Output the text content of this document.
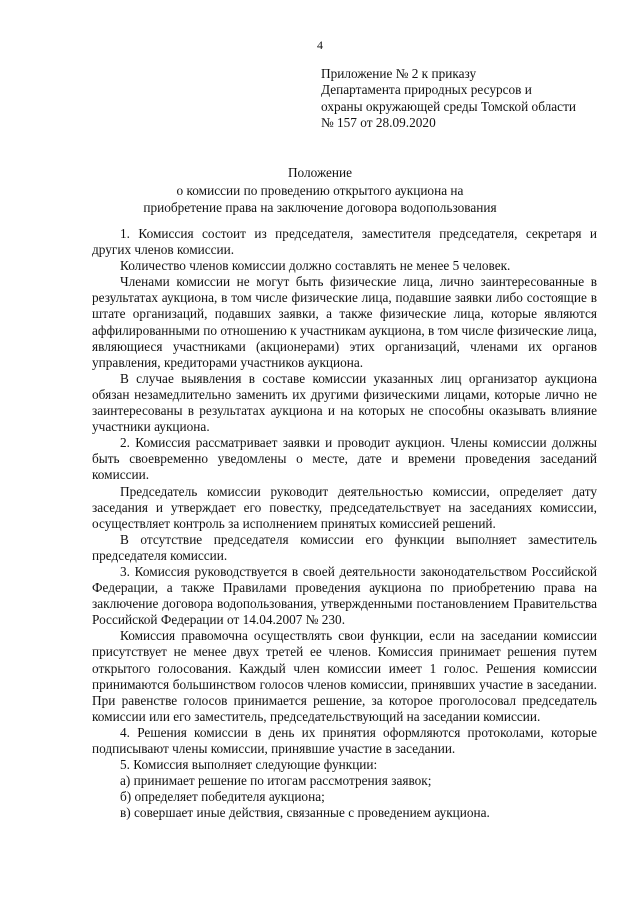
4
Приложение № 2 к приказу
Департамента природных ресурсов и
охраны окружающей среды Томской области
№ 157 от 28.09.2020
Положение
о комиссии по проведению открытого аукциона на
приобретение права на заключение договора водопользования

1. Комиссия состоит из председателя, заместителя председателя, секретаря и других членов комиссии.

Количество членов комиссии должно составлять не менее 5 человек.

Членами комиссии не могут быть физические лица, лично заинтересованные в результатах аукциона, в том числе физические лица, подавшие заявки либо состоящие в штате организаций, подавших заявки, а также физические лица, которые являются аффилированными по отношению к участникам аукциона, в том числе физические лица, являющиеся участниками (акционерами) этих организаций, членами их органов управления, кредиторами участников аукциона.

В случае выявления в составе комиссии указанных лиц организатор аукциона обязан незамедлительно заменить их другими физическими лицами, которые лично не заинтересованы в результатах аукциона и на которых не способны оказывать влияние участники аукциона.

2. Комиссия рассматривает заявки и проводит аукцион. Члены комиссии должны быть своевременно уведомлены о месте, дате и времени проведения заседаний комиссии.

Председатель комиссии руководит деятельностью комиссии, определяет дату заседания и утверждает его повестку, председательствует на заседаниях комиссии, осуществляет контроль за исполнением принятых комиссией решений.

В отсутствие председателя комиссии его функции выполняет заместитель председателя комиссии.

3. Комиссия руководствуется в своей деятельности законодательством Российской Федерации, а также Правилами проведения аукциона по приобретению права на заключение договора водопользования, утвержденными постановлением Правительства Российской Федерации от 14.04.2007 № 230.

Комиссия правомочна осуществлять свои функции, если на заседании комиссии присутствует не менее двух третей ее членов. Комиссия принимает решения путем открытого голосования. Каждый член комиссии имеет 1 голос. Решения комиссии принимаются большинством голосов членов комиссии, принявших участие в заседании. При равенстве голосов принимается решение, за которое проголосовал председатель комиссии или его заместитель, председательствующий на заседании комиссии.

4. Решения комиссии в день их принятия оформляются протоколами, которые подписывают члены комиссии, принявшие участие в заседании.

5. Комиссия выполняет следующие функции:

а) принимает решение по итогам рассмотрения заявок;

б) определяет победителя аукциона;

в) совершает иные действия, связанные с проведением аукциона.
